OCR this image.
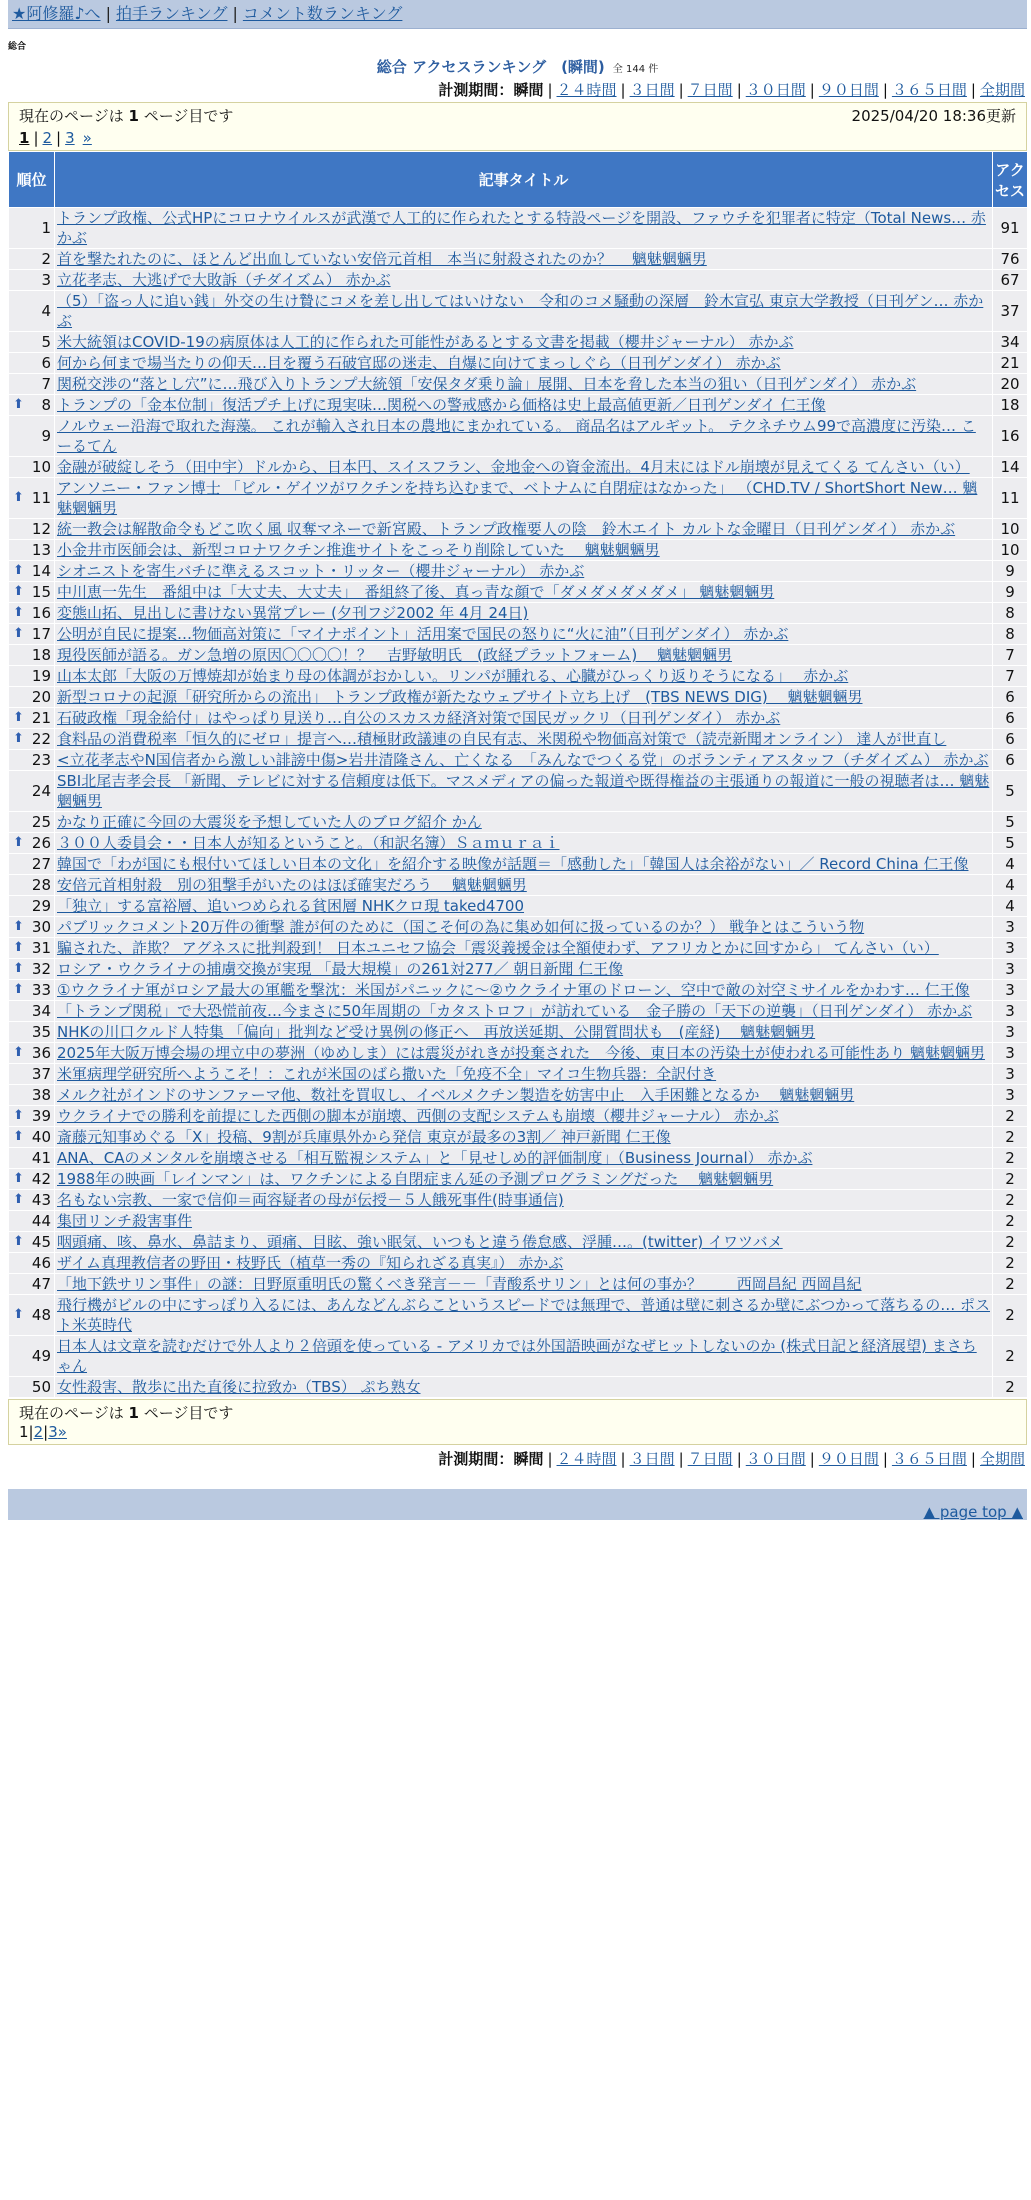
★阿修羅♪へ | 拍手ランキング | コメント数ランキング
総合
総合 アクセスランキング　(瞬間) 全 144 件
計測期間：瞬間 | ２４時間 | ３日間 | ７日間 | ３０日間 | ９０日間 | ３６５日間 | 全期間
現在のページは 1 ページ目です	2025/04/20 18:36更新
1 | 2 | 3 »
順位	記事タイトル	アクセス
1	トランプ政権、公式HPにコロナウイルスが武漢で人工的に作られたとする特設ページを開設、ファウチを犯罪者に特定（Total News… 赤かぶ	91
2	首を撃たれたのに、ほとんど出血していない安倍元首相　本当に射殺されたのか？　 魑魅魍魎男	76
3	立花孝志、大逃げで大敗訴（チダイズム） 赤かぶ	67
4	（5）「盗っ人に追い銭」外交の生け贄にコメを差し出してはいけない　令和のコメ騒動の深層　鈴木宣弘 東京大学教授（日刊ゲン… 赤かぶ	37
5	米大統領はCOVID-19の病原体は人工的に作られた可能性があるとする文書を掲載（櫻井ジャーナル） 赤かぶ	34
6	何から何まで場当たりの仰天…目を覆う石破官邸の迷走、自爆に向けてまっしぐら（日刊ゲンダイ） 赤かぶ	21
7	関税交渉の“落とし穴”に…飛び入りトランプ大統領「安保タダ乗り論」展開、日本を脅した本当の狙い（日刊ゲンダイ） 赤かぶ	20

⬆ 8	トランプの「金本位制」復活プチ上げに現実味…関税への警戒感から価格は史上最高値更新／日刊ゲンダイ 仁王像	18
9	ノルウェー沿海で取れた海藻。 これが輸入され日本の農地にまかれている。 商品名はアルギット。 テクネチウム99で高濃度に汚染… こーるてん	16
10	金融が破綻しそう（田中宇）ドルから、日本円、スイスフラン、金地金への資金流出。4月末にはドル崩壊が見えてくる てんさい（い）	14

⬆ 11	アンソニー・ファン博士 「ビル・ゲイツがワクチンを持ち込むまで、ベトナムに自閉症はなかった」 （CHD.TV / ShortShort New… 魑魅魍魎男	11
12	統一教会は解散命令もどこ吹く風 収奪マネーで新宮殿、トランプ政権要人の陰　鈴木エイト カルトな金曜日（日刊ゲンダイ） 赤かぶ	10
13	小金井市医師会は、新型コロナワクチン推進サイトをこっそり削除していた　 魑魅魍魎男	10

⬆ 14	シオニストを寄生バチに準えるスコット・リッター（櫻井ジャーナル） 赤かぶ	9

⬆ 15	中川恵一先生　番組中は「大丈夫、大丈夫」　番組終了後、真っ青な顔で「ダメダメダメダメ」 魑魅魍魎男	9

⬆ 16	変態山拓、見出しに書けない異常プレー (夕刊フジ2002 年 4月 24日)	8

⬆ 17	公明が自民に提案…物価高対策に「マイナポイント」活用案で国民の怒りに“火に油”（日刊ゲンダイ） 赤かぶ	8
18	現役医師が語る。ガン急増の原因〇〇〇〇！？　吉野敏明氏　(政経プラットフォーム)　 魑魅魍魎男	7
19	山本太郎「大阪の万博焼却が始まり母の体調がおかしい。リンパが腫れる、心臓がひっくり返りそうになる」　 赤かぶ	7
20	新型コロナの起源「研究所からの流出」 トランプ政権が新たなウェブサイト立ち上げ　(TBS NEWS DIG)　 魑魅魍魎男	6

⬆ 21	石破政権「現金給付」はやっぱり見送り…自公のスカスカ経済対策で国民ガックリ（日刊ゲンダイ） 赤かぶ	6

⬆ 22	食料品の消費税率「恒久的にゼロ」提言へ…積極財政議連の自民有志、米関税や物価高対策で（読売新聞オンライン） 達人が世直し	6
23	<立花孝志やN国信者から激しい誹謗中傷>岩井清隆さん、亡くなる　「みんなでつくる党」のボランティアスタッフ（チダイズム） 赤かぶ	6
24	SBI北尾吉孝会長 「新聞、テレビに対する信頼度は低下。マスメディアの偏った報道や既得権益の主張通りの報道に一般の視聴者は… 魑魅魍魎男	5
25	かなり正確に今回の大震災を予想していた人のブログ紹介 かん	5

⬆ 26	３００人委員会・・日本人が知るということ。（和訳名簿）Ｓａｍｕｒａｉ	5
27	韓国で「わが国にも根付いてほしい日本の文化」を紹介する映像が話題＝「感動した」「韓国人は余裕がない」／ Record China 仁王像	4
28	安倍元首相射殺　別の狙撃手がいたのはほぼ確実だろう　 魑魅魍魎男	4
29	「独立」する富裕層、追いつめられる貧困層 NHKクロ現 taked4700	4

⬆ 30	パブリックコメント20万件の衝撃 誰が何のために（国こそ何の為に集め如何に扱っているのか？） 戦争とはこういう物	3

⬆ 31	騙された、詐欺？ アグネスに批判殺到！ 日本ユニセフ協会「震災義援金は全額使わず、アフリカとかに回すから」 てんさい（い）	3

⬆ 32	ロシア・ウクライナの捕虜交換が実現 「最大規模」の261対277／ 朝日新聞 仁王像	3

⬆ 33	①ウクライナ軍がロシア最大の軍艦を撃沈：米国がパニックに～②ウクライナ軍のドローン、空中で敵の対空ミサイルをかわす… 仁王像	3
34	「トランプ関税」で大恐慌前夜…今まさに50年周期の「カタストロフ」が訪れている　金子勝の「天下の逆襲」（日刊ゲンダイ） 赤かぶ	3
35	NHKの川口クルド人特集 「偏向」批判など受け異例の修正へ　再放送延期、公開質問状も　(産経)　 魑魅魍魎男	3

⬆ 36	2025年大阪万博会場の埋立中の夢洲（ゆめしま）には震災がれきが投棄された　今後、東日本の汚染土が使われる可能性あり 魑魅魍魎男	3
37	米軍病理学研究所へようこそ！：これが米国のばら撒いた「免疫不全」マイコ生物兵器：全訳付き	3
38	メルク社がインドのサンファーマ他、数社を買収し、イベルメクチン製造を妨害中止　入手困難となるか　 魑魅魍魎男	3

⬆ 39	ウクライナでの勝利を前提にした西側の脚本が崩壊、西側の支配システムも崩壊（櫻井ジャーナル） 赤かぶ	2

⬆ 40	斎藤元知事めぐる「X」投稿、9割が兵庫県外から発信 東京が最多の3割／ 神戸新聞 仁王像	2
41	ANA、CAのメンタルを崩壊させる「相互監視システム」と「見せしめ的評価制度」（Business Journal） 赤かぶ	2

⬆ 42	1988年の映画「レインマン」は、ワクチンによる自閉症まん延の予測プログラミングだった　 魑魅魍魎男	2

⬆ 43	名もない宗教、一家で信仰＝両容疑者の母が伝授－５人餓死事件(時事通信)	2
44	集団リンチ殺害事件	2

⬆ 45	咽頭痛、咳、鼻水、鼻詰まり、頭痛、目眩、強い眠気、いつもと違う倦怠感、浮腫…。(twitter) イワツバメ	2
46	ザイム真理教信者の野田・枝野氏（植草一秀の『知られざる真実』） 赤かぶ	2
47	「地下鉄サリン事件」の謎：日野原重明氏の驚くべき発言－－「青酸系サリン」とは何の事か？　　 西岡昌紀 西岡昌紀	2

⬆ 48	飛行機がビルの中にすっぽり入るには、あんなどんぶらこというスピードでは無理で、普通は壁に刺さるか壁にぶつかって落ちるの… ポスト米英時代	2
49	日本人は文章を読むだけで外人より２倍頭を使っている - アメリカでは外国語映画がなぜヒットしないのか (株式日記と経済展望) まさちゃん	2
50	女性殺害、散歩に出た直後に拉致か（TBS） ぷち熟女	2
現在のページは 1 ページ目です
1|2|3»
計測期間：瞬間 | ２４時間 | ３日間 | ７日間 | ３０日間 | ９０日間 | ３６５日間 | 全期間
▲ page top ▲
